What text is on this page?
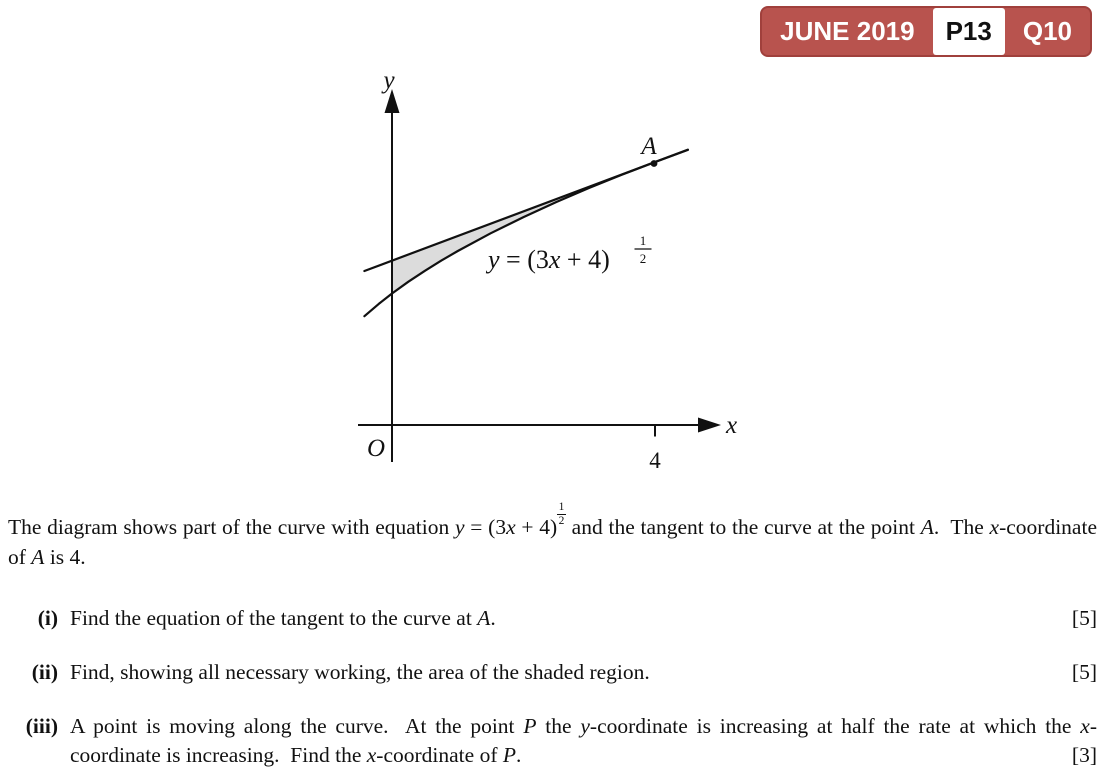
JUNE 2019	P13	Q10
y
x
O	4
A
y = (3x + 4)
1
2

The diagram shows part of the curve with equation $y = (3x + 4) \frac{1}{2}$ and the tangent to the curve at the point A.  The x-coordinate of A is 4.

(i) Find the equation of the tangent to the curve at A.	[5]
(ii) Find, showing all necessary working, the area of the shaded region.	[5]
(iii) A point is moving along the curve.  At the point P the y-coordinate is increasing at half the rate at which the x-coordinate is increasing.  Find the x-coordinate of P.	[3]
